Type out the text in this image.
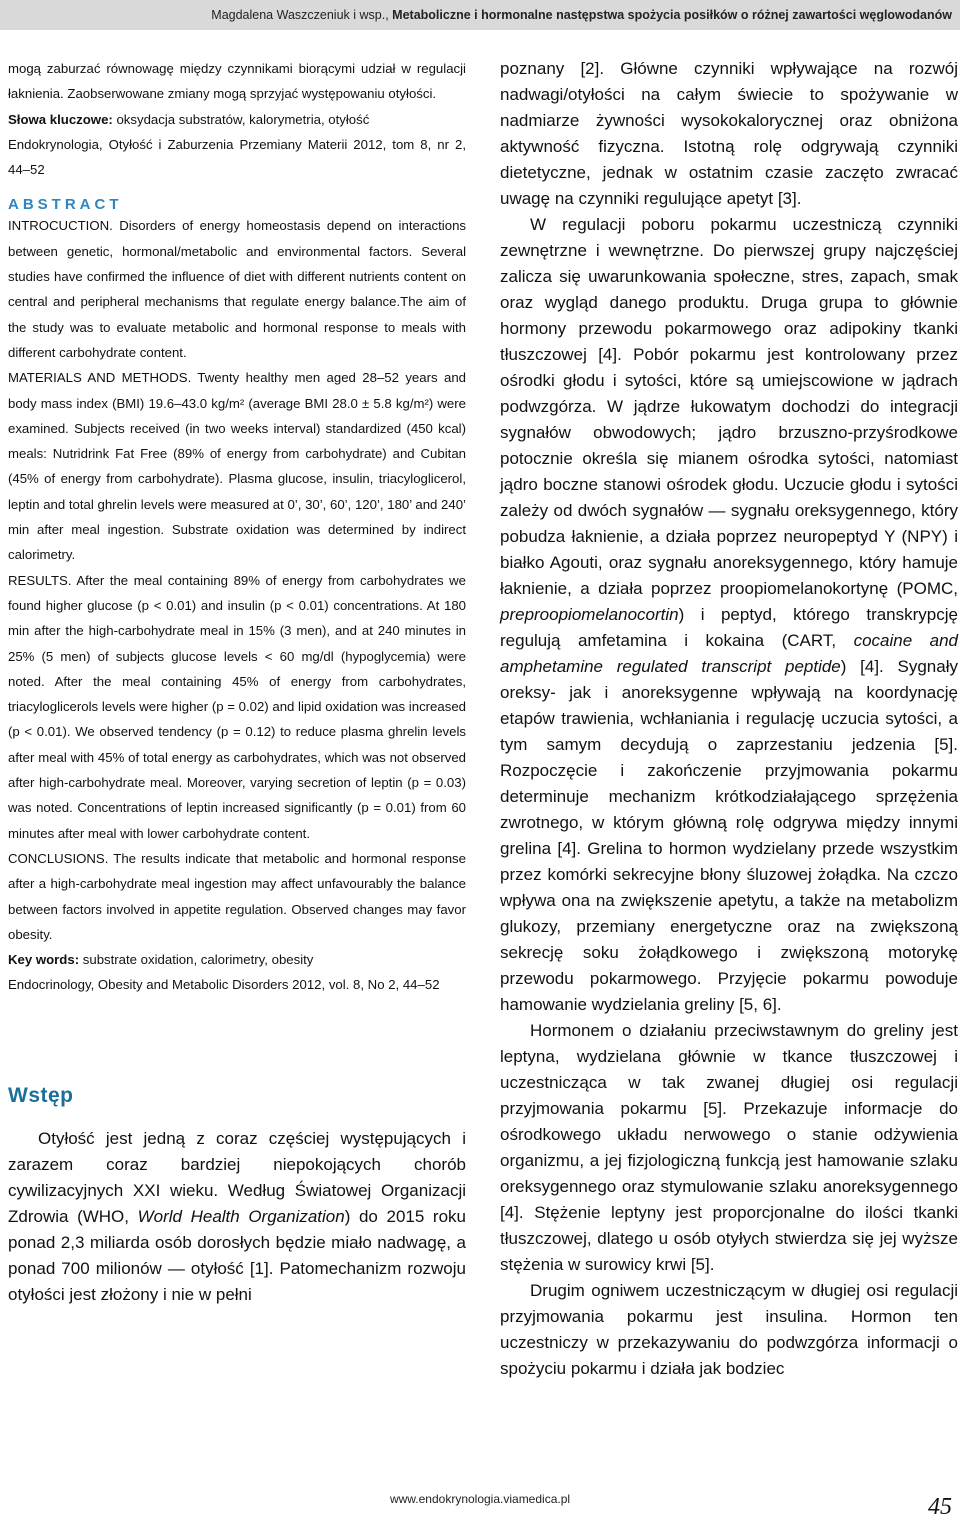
Magdalena Waszczeniuk i wsp., Metaboliczne i hormonalne następstwa spożycia posiłków o różnej zawartości węglowodanów

mogą zaburzać równowagę między czynnikami biorącymi udział w regulacji łaknienia. Zaobserwowane zmiany mogą sprzyjać występowaniu otyłości.

Słowa kluczowe: oksydacja substratów, kalorymetria, otyłość

Endokrynologia, Otyłość i Zaburzenia Przemiany Materii 2012, tom 8, nr 2, 44–52

ABSTRACT

INTROCUCTION. Disorders of energy homeostasis depend on interactions between genetic, hormonal/metabolic and environmental factors. Several studies have confirmed the influence of diet with different nutrients content on central and peripheral mechanisms that regulate energy balance.The aim of the study was to evaluate metabolic and hormonal response to meals with different carbohydrate content.

MATERIALS AND METHODS. Twenty healthy men aged 28–52 years and body mass index (BMI) 19.6–43.0 kg/m² (average BMI 28.0 ± 5.8 kg/m²) were examined. Subjects received (in two weeks interval) standardized (450 kcal) meals: Nutridrink Fat Free (89% of energy from carbohydrate) and Cubitan (45% of energy from carbohydrate). Plasma glucose, insulin, triacyloglicerol, leptin and total ghrelin levels were measured at 0’, 30’, 60’, 120’, 180’ and 240’ min after meal ingestion. Substrate oxidation was determined by indirect calorimetry.

RESULTS. After the meal containing 89% of energy from carbohydrates we found higher glucose (p < 0.01) and insulin (p < 0.01) concentrations. At 180 min after the high-carbohydrate meal in 15% (3 men), and at 240 minutes in 25% (5 men) of subjects glucose levels < 60 mg/dl (hypoglycemia) were noted. After the meal containing 45% of energy from carbohydrates, triacyloglicerols levels were higher (p = 0.02) and lipid oxidation was increased (p < 0.01). We observed tendency (p = 0.12) to reduce plasma ghrelin levels after meal with 45% of total energy as carbohydrates, which was not observed after high-carbohydrate meal. Moreover, varying secretion of leptin (p = 0.03) was noted. Concentrations of leptin increased significantly (p = 0.01) from 60 minutes after meal with lower carbohydrate content.

CONCLUSIONS. The results indicate that metabolic and hormonal response after a high-carbohydrate meal ingestion may affect unfavourably the balance between factors involved in appetite regulation. Observed changes may favor obesity.

Key words: substrate oxidation, calorimetry, obesity

Endocrinology, Obesity and Metabolic Disorders 2012, vol. 8, No 2, 44–52

Wstęp

Otyłość jest jedną z coraz częściej występujących i zarazem coraz bardziej niepokojących chorób cywilizacyjnych XXI wieku. Według Światowej Organizacji Zdrowia (WHO, World Health Organization) do 2015 roku ponad 2,3 miliarda osób dorosłych będzie miało nadwagę, a ponad 700 milionów — otyłość [1]. Patomechanizm rozwoju otyłości jest złożony i nie w pełni

poznany [2]. Główne czynniki wpływające na rozwój nadwagi/otyłości na całym świecie to spożywanie w nadmiarze żywności wysokokalorycznej oraz obniżona aktywność fizyczna. Istotną rolę odgrywają czynniki dietetyczne, jednak w ostatnim czasie zaczęto zwracać uwagę na czynniki regulujące apetyt [3].

W regulacji poboru pokarmu uczestniczą czynniki zewnętrzne i wewnętrzne. Do pierwszej grupy najczęściej zalicza się uwarunkowania społeczne, stres, zapach, smak oraz wygląd danego produktu. Druga grupa to głównie hormony przewodu pokarmowego oraz adipokiny tkanki tłuszczowej [4]. Pobór pokarmu jest kontrolowany przez ośrodki głodu i sytości, które są umiejscowione w jądrach podwzgórza. W jądrze łukowatym dochodzi do integracji sygnałów obwodowych; jądro brzuszno-przyśrodkowe potocznie określa się mianem ośrodka sytości, natomiast jądro boczne stanowi ośrodek głodu. Uczucie głodu i sytości zależy od dwóch sygnałów — sygnału oreksygennego, który pobudza łaknienie, a działa poprzez neuropeptyd Y (NPY) i białko Agouti, oraz sygnału anoreksygennego, który hamuje łaknienie, a działa poprzez proopiomelanokortynę (POMC, preproopiomelanocortin) i peptyd, którego transkrypcję regulują amfetamina i kokaina (CART, cocaine and amphetamine regulated transcript peptide) [4]. Sygnały oreksy- jak i anoreksygenne wpływają na koordynację etapów trawienia, wchłaniania i regulację uczucia sytości, a tym samym decydują o zaprzestaniu jedzenia [5]. Rozpoczęcie i zakończenie przyjmowania pokarmu determinuje mechanizm krótkodziałającego sprzężenia zwrotnego, w którym główną rolę odgrywa między innymi grelina [4]. Grelina to hormon wydzielany przede wszystkim przez komórki sekrecyjne błony śluzowej żołądka. Na czczo wpływa ona na zwiększenie apetytu, a także na metabolizm glukozy, przemiany energetyczne oraz na zwiększoną sekrecję soku żołądkowego i zwiększoną motorykę przewodu pokarmowego. Przyjęcie pokarmu powoduje hamowanie wydzielania greliny [5, 6].

Hormonem o działaniu przeciwstawnym do greliny jest leptyna, wydzielana głównie w tkance tłuszczowej i uczestnicząca w tak zwanej długiej osi regulacji przyjmowania pokarmu [5]. Przekazuje informacje do ośrodkowego układu nerwowego o stanie odżywienia organizmu, a jej fizjologiczną funkcją jest hamowanie szlaku oreksygennego oraz stymulowanie szlaku anoreksygennego [4]. Stężenie leptyny jest proporcjonalne do ilości tkanki tłuszczowej, dlatego u osób otyłych stwierdza się jej wyższe stężenia w surowicy krwi [5].

Drugim ogniwem uczestniczącym w długiej osi regulacji przyjmowania pokarmu jest insulina. Hormon ten uczestniczy w przekazywaniu do podwzgórza informacji o spożyciu pokarmu i działa jak bodziec

www.endokrynologia.viamedica.pl	45
